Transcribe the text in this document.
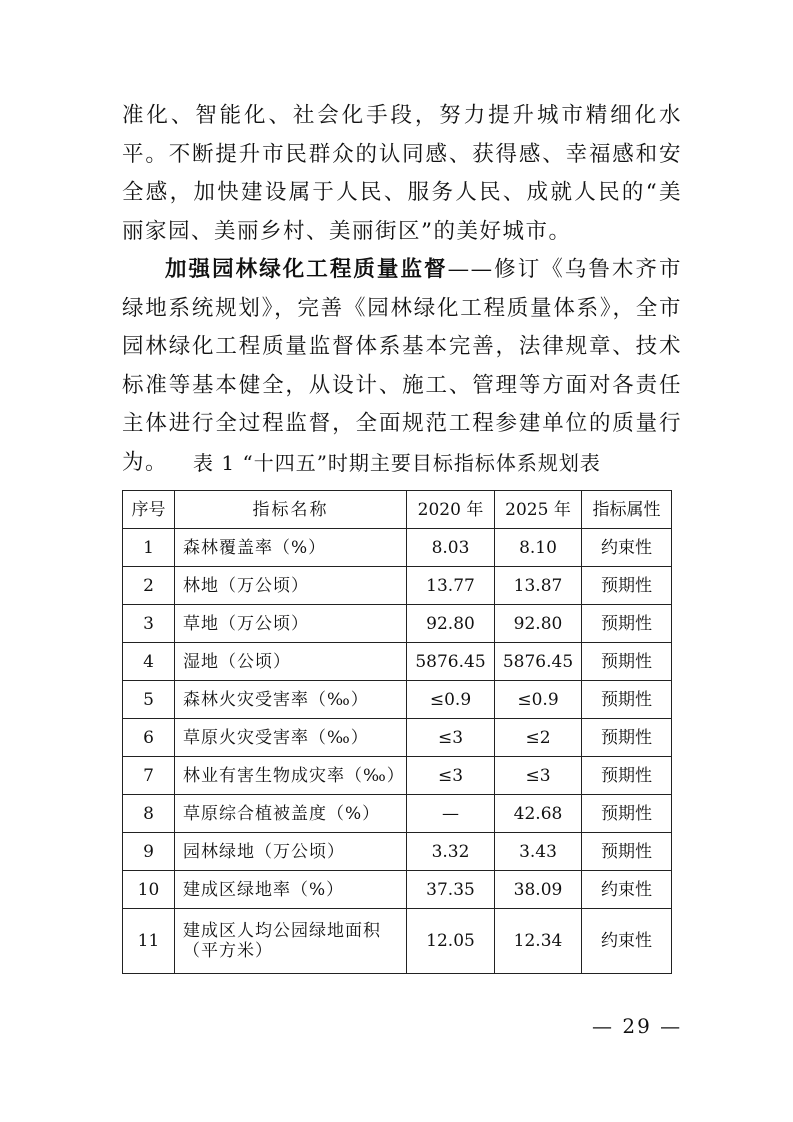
准化、智能化、社会化手段，努力提升城市精细化水平。不断提升市民群众的认同感、获得感、幸福感和安全感，加快建设属于人民、服务人民、成就人民的“美丽家园、美丽乡村、美丽街区”的美好城市。

加强园林绿化工程质量监督——修订《乌鲁木齐市绿地系统规划》，完善《园林绿化工程质量体系》，全市园林绿化工程质量监督体系基本完善，法律规章、技术标准等基本健全，从设计、施工、管理等方面对各责任主体进行全过程监督，全面规范工程参建单位的质量行为。	表 1 “十四五”时期主要目标指标体系规划表

序号	指标名称	2020 年	2025 年	指标属性
1	森林覆盖率（%）	8.03	8.10	约束性
2	林地（万公顷）	13.77	13.87	预期性
3	草地（万公顷）	92.80	92.80	预期性
4	湿地（公顷）	5876.45	5876.45	预期性
5	森林火灾受害率（‰）	≤0.9	≤0.9	预期性
6	草原火灾受害率（‰）	≤3	≤2	预期性
7	林业有害生物成灾率（‰）	≤3	≤3	预期性
8	草原综合植被盖度（%）	—	42.68	预期性
9	园林绿地（万公顷）	3.32	3.43	预期性
10	建成区绿地率（%）	37.35	38.09	约束性
11	建成区人均公园绿地面积（平方米）	12.05	12.34	约束性
— 29 —
